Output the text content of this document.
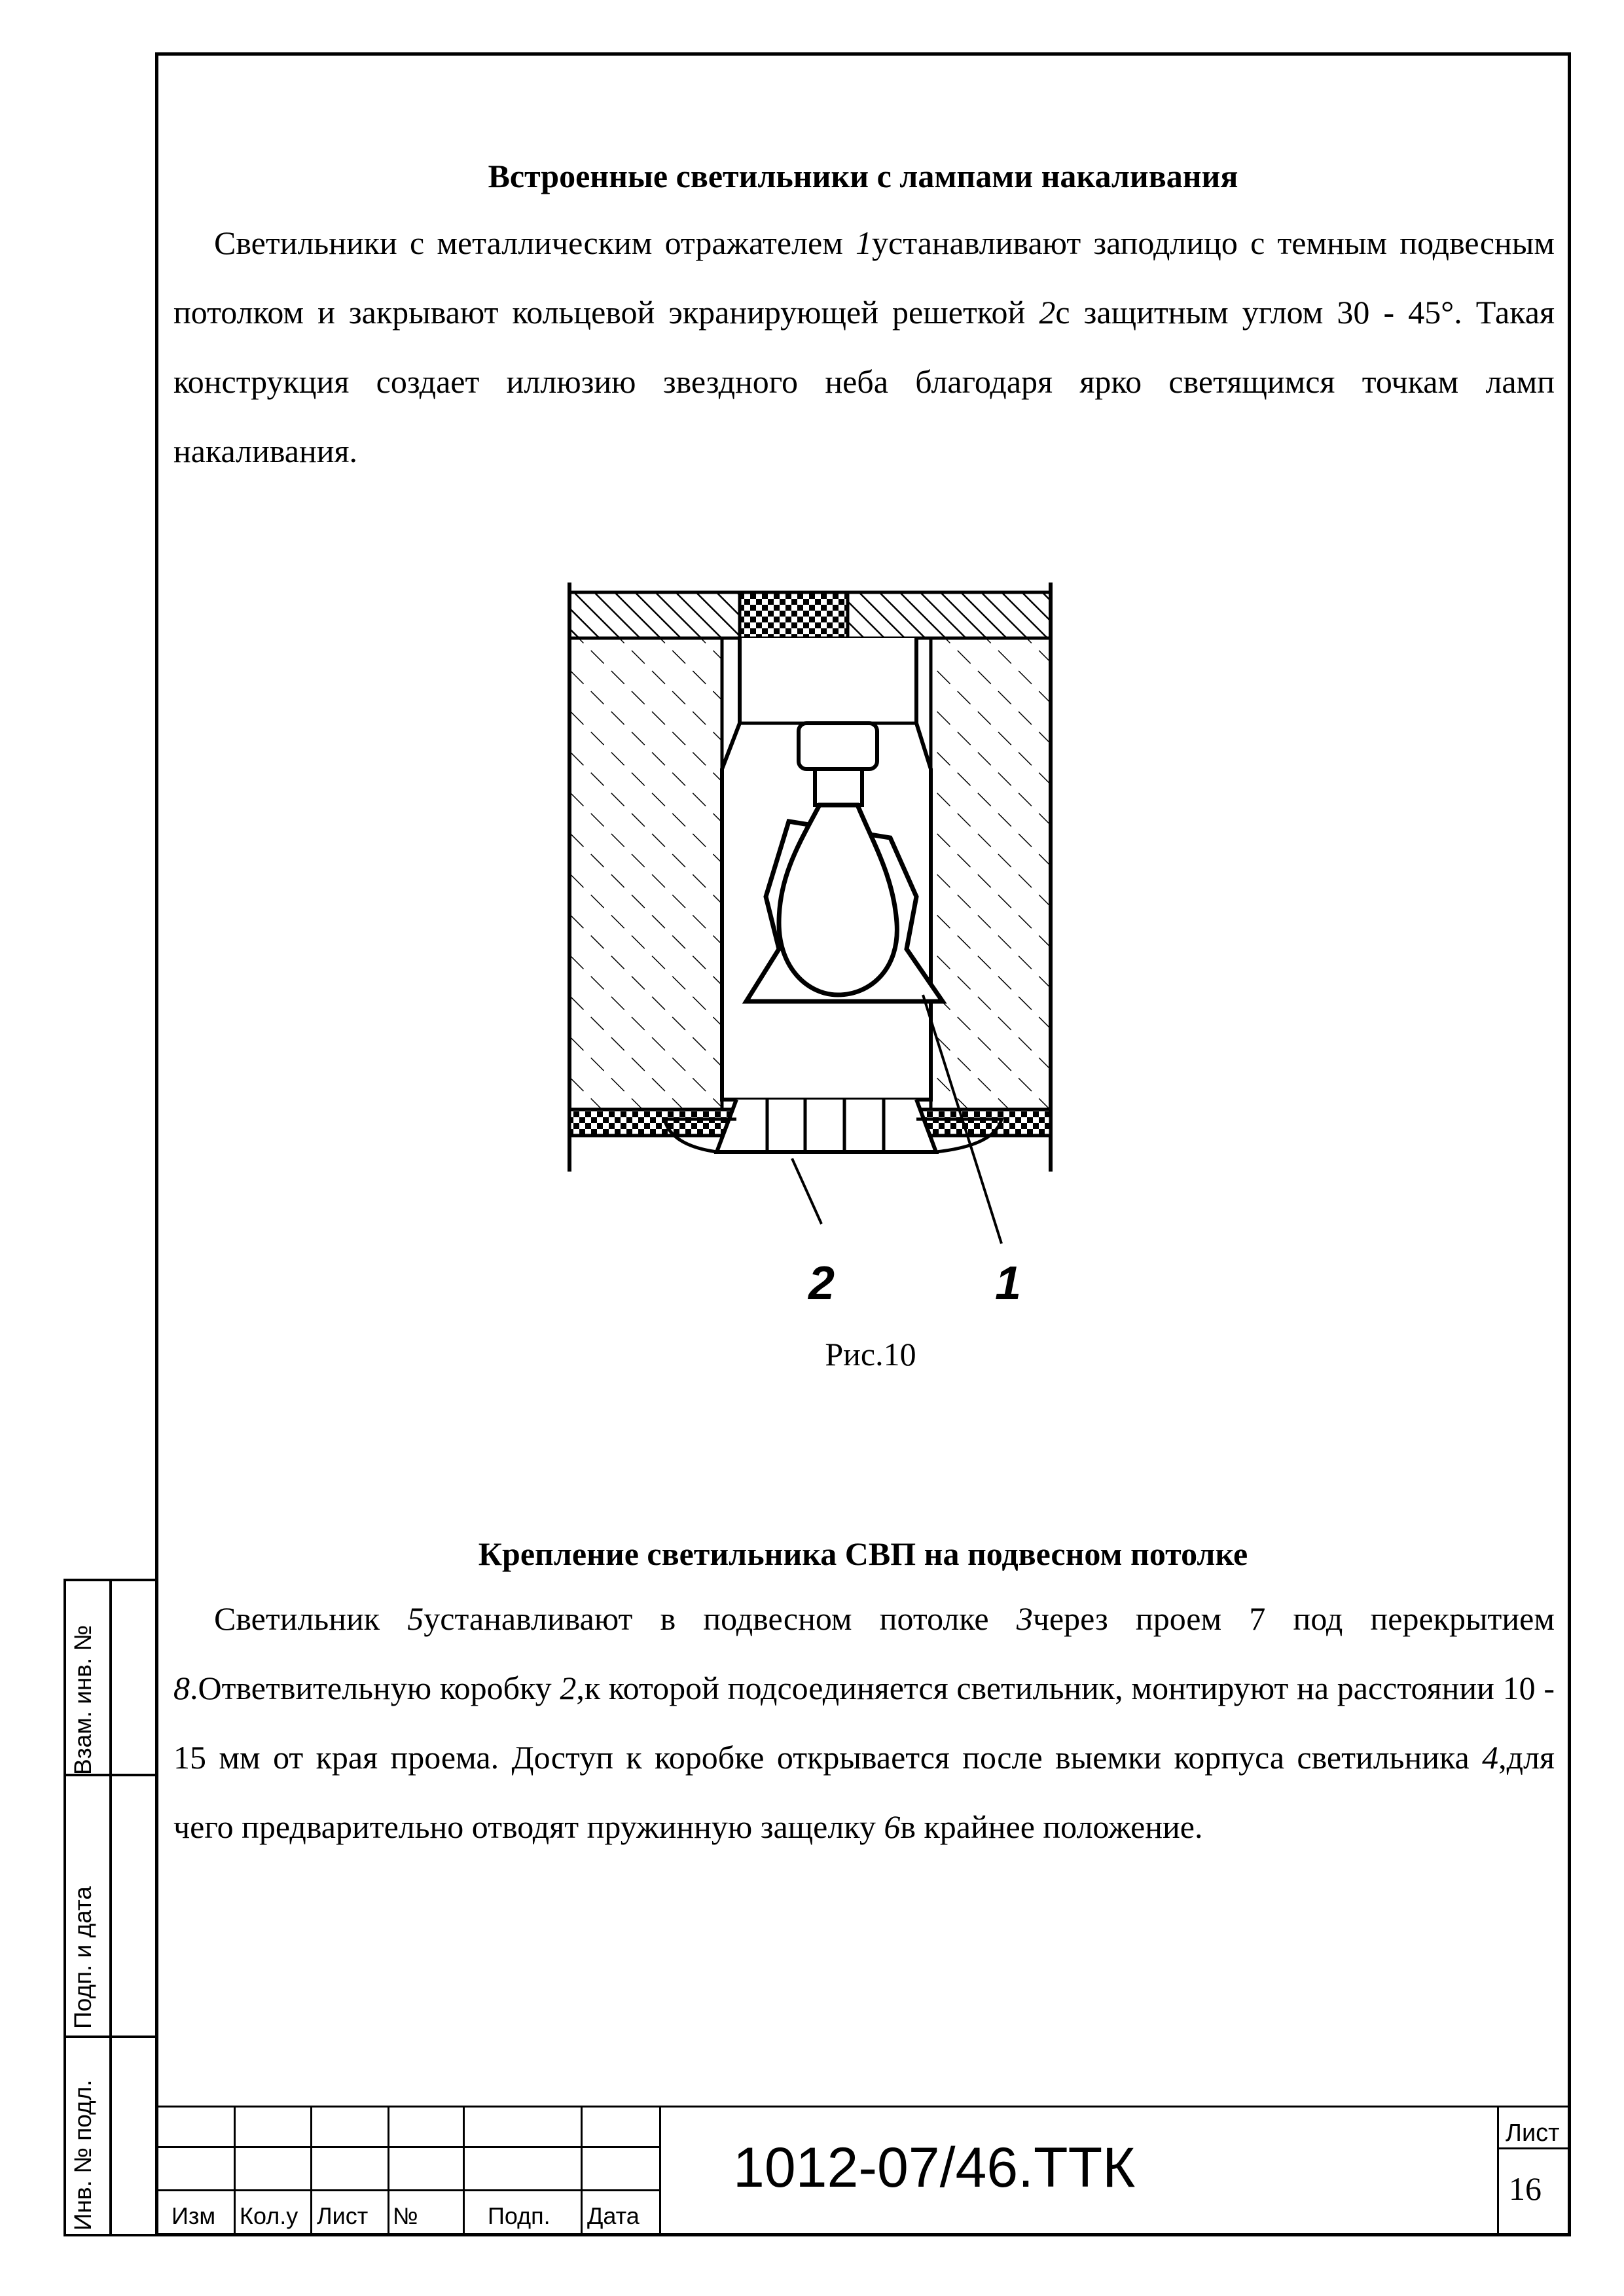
Взам. инв. №
Подп. и дата
Инв. № подл.
Встроенные светильники с лампами накаливания
Светильники с металлическим отражателем 1устанавливают заподлицо с темным подвесным потолком и закрывают кольцевой экранирующей решеткой 2с защитным углом 30 - 45°. Такая конструкция создает иллюзию звездного неба благодаря ярко светящимся точкам ламп накаливания.
2	1
Рис.10
Крепление светильника СВП на подвесном потолке
Светильник 5устанавливают в подвесном потолке 3через проем 7 под перекрытием 8.Ответвительную коробку 2,к которой подсоединяется светильник, монтируют на расстоянии 10 - 15 мм от края проема. Доступ к коробке открывается после выемки корпуса светильника 4,для чего предварительно отводят пружинную защелку 6в крайнее положение.
Изм Кол.у Лист №	Подп. Дата
1012-07/46.ТТК
Лист
16
